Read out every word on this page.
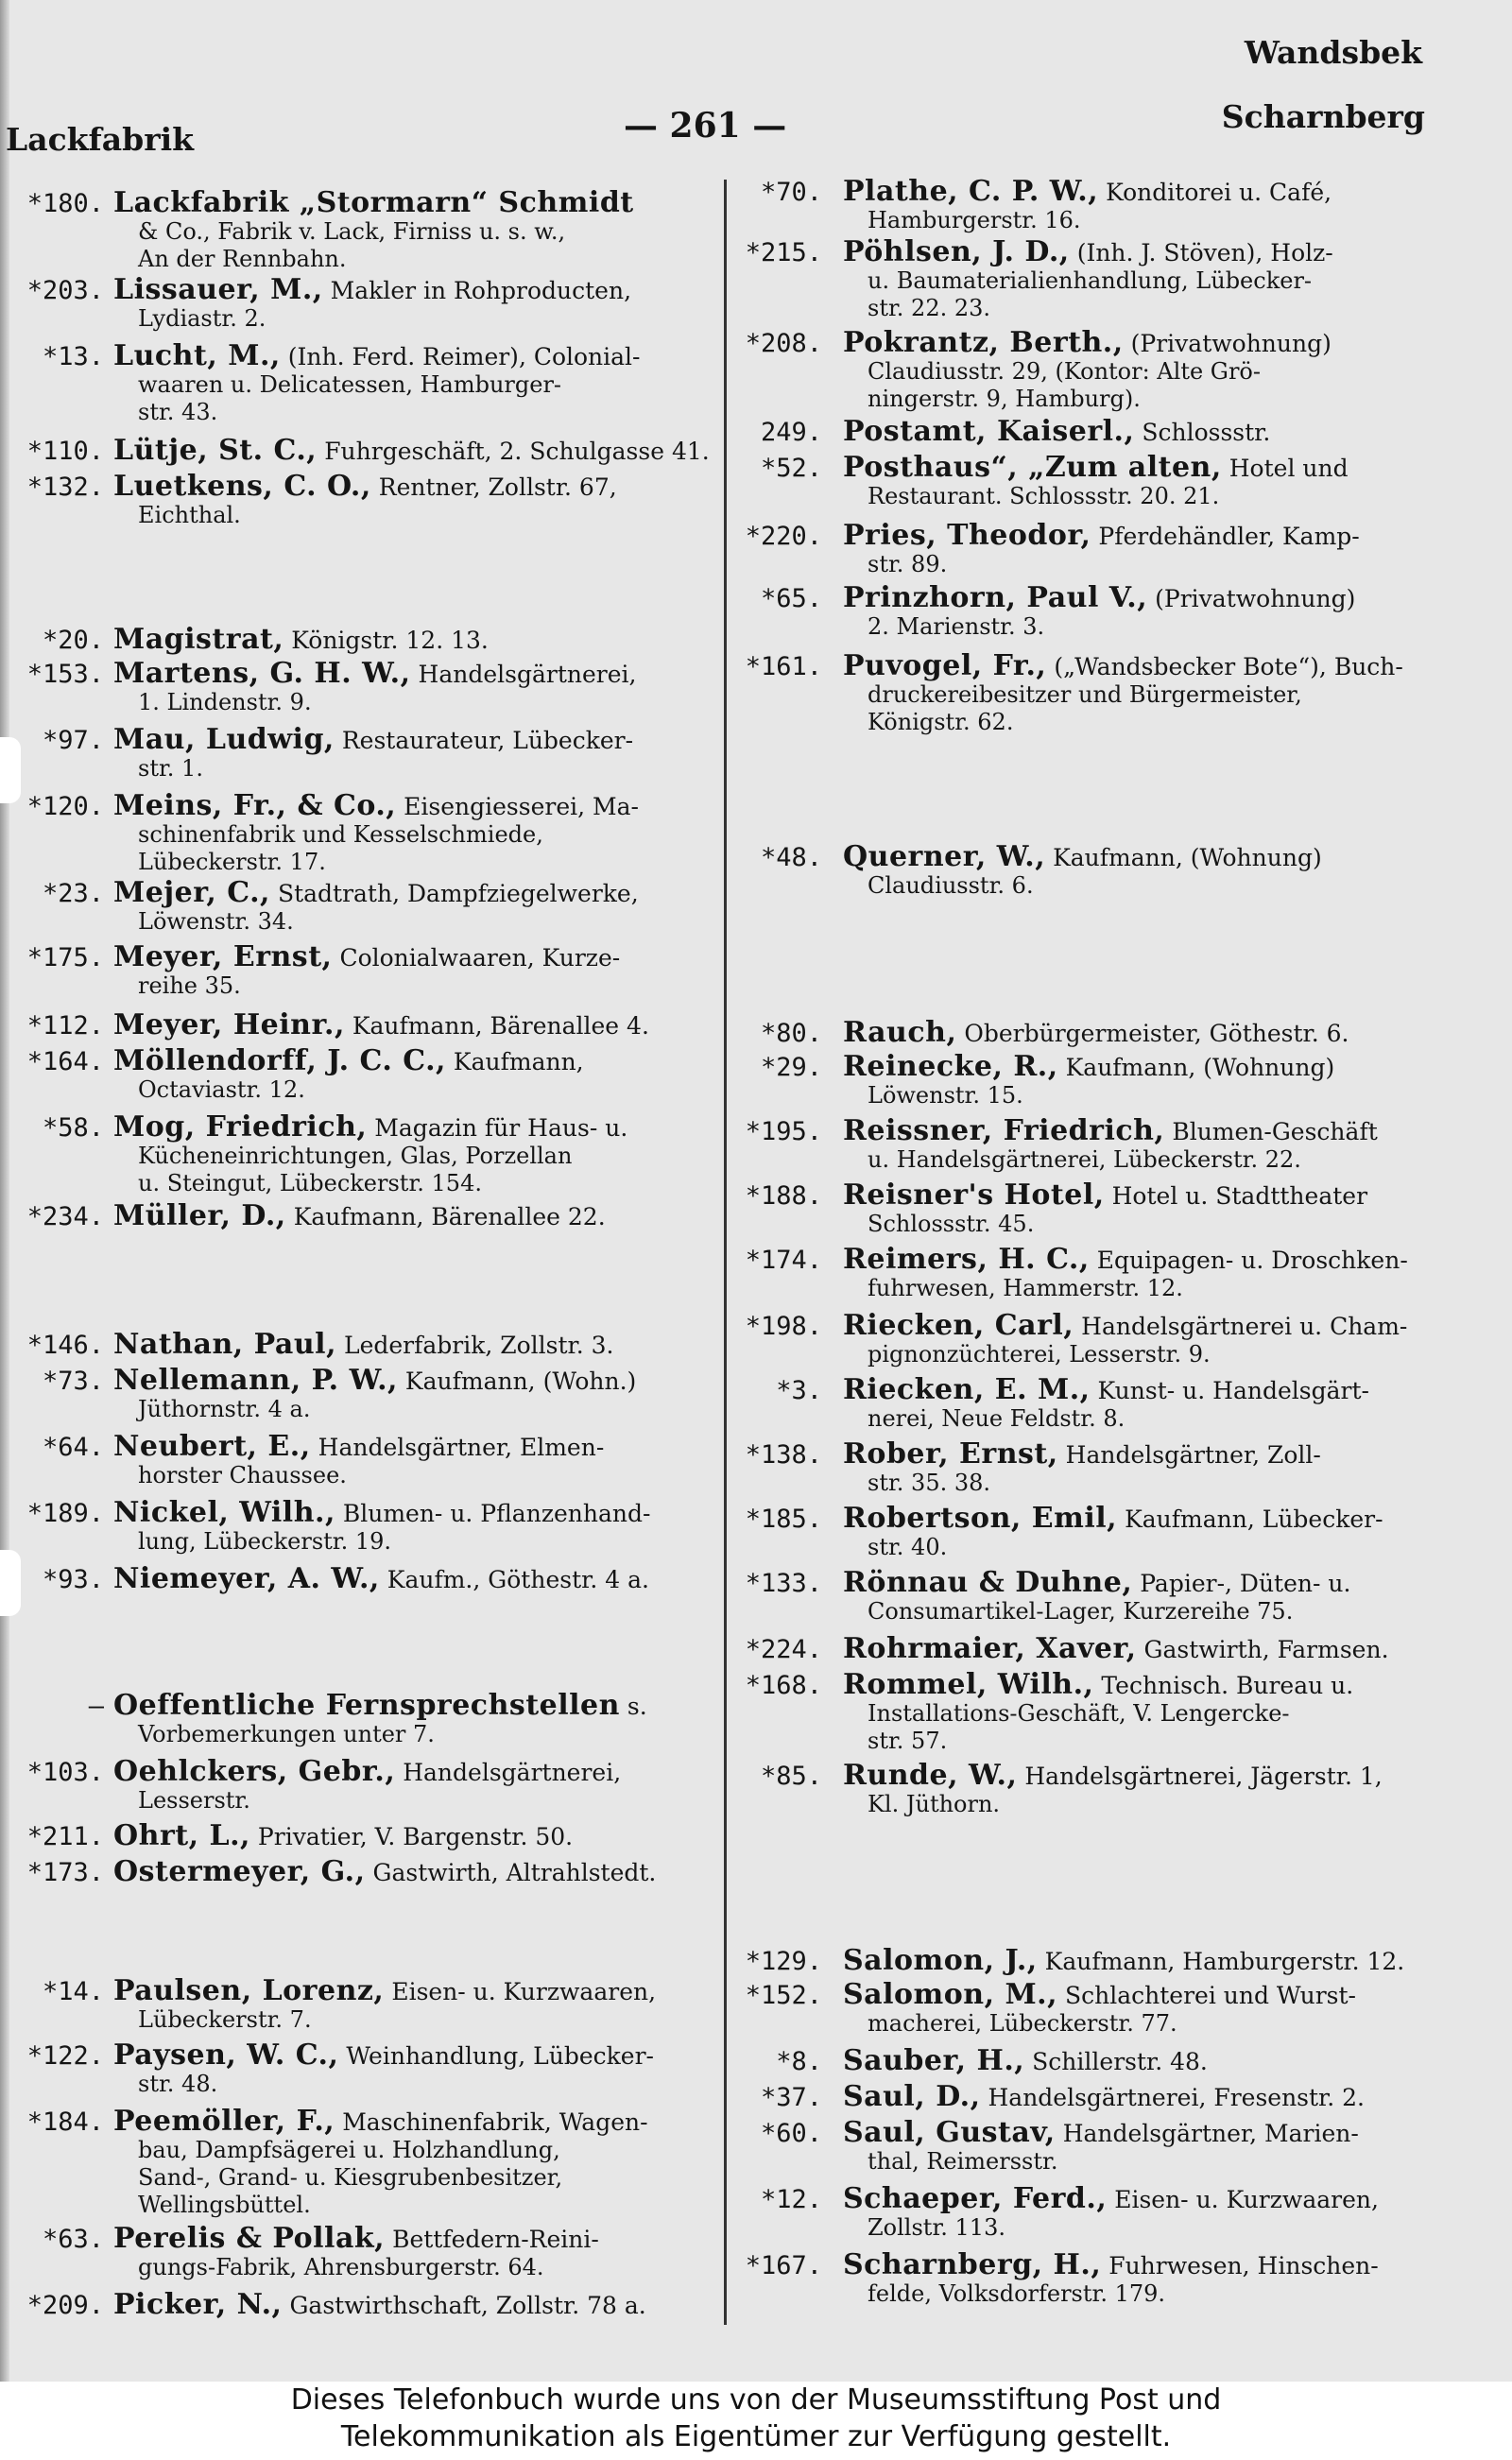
Lackfabrik	— 261 —
Wandsbek
Scharnberg
*180. Lackfabrik „Stormarn“ Schmidt
& Co., Fabrik v. Lack, Firniss u. s. w.,
An der Rennbahn.
*203. Lissauer, M., Makler in Rohproducten,
Lydiastr. 2.
*13. Lucht, M., (Inh. Ferd. Reimer), Colonial-
waaren u. Delicatessen, Hamburger-
str. 43.
*110. Lütje, St. C., Fuhrgeschäft, 2. Schulgasse 41.
*132. Luetkens, C. O., Rentner, Zollstr. 67,
Eichthal.
*20. Magistrat, Königstr. 12. 13.
*153. Martens, G. H. W., Handelsgärtnerei,
1. Lindenstr. 9.
*97. Mau, Ludwig, Restaurateur, Lübecker-
str. 1.
*120. Meins, Fr., & Co., Eisengiesserei, Ma-
schinenfabrik und Kesselschmiede,
Lübeckerstr. 17.
*23. Mejer, C., Stadtrath, Dampfziegelwerke,
Löwenstr. 34.
*175. Meyer, Ernst, Colonialwaaren, Kurze-
reihe 35.
*112. Meyer, Heinr., Kaufmann, Bärenallee 4.
*164. Möllendorff, J. C. C., Kaufmann,
Octaviastr. 12.
*58. Mog, Friedrich, Magazin für Haus- u.
Kücheneinrichtungen, Glas, Porzellan
u. Steingut, Lübeckerstr. 154.
*234. Müller, D., Kaufmann, Bärenallee 22.
*146. Nathan, Paul, Lederfabrik, Zollstr. 3.
*73. Nellemann, P. W., Kaufmann, (Wohn.)
Jüthornstr. 4 a.
*64. Neubert, E., Handelsgärtner, Elmen-
horster Chaussee.
*189. Nickel, Wilh., Blumen- u. Pflanzenhand-
lung, Lübeckerstr. 19.
*93. Niemeyer, A. W., Kaufm., Göthestr. 4 a.
— Oeffentliche Fernsprechstellen s.
Vorbemerkungen unter 7.
*103. Oehlckers, Gebr., Handelsgärtnerei,
Lesserstr.
*211. Ohrt, L., Privatier, V. Bargenstr. 50.
*173. Ostermeyer, G., Gastwirth, Altrahlstedt.
*14. Paulsen, Lorenz, Eisen- u. Kurzwaaren,
Lübeckerstr. 7.
*122. Paysen, W. C., Weinhandlung, Lübecker-
str. 48.
*184. Peemöller, F., Maschinenfabrik, Wagen-
bau, Dampfsägerei u. Holzhandlung,
Sand-, Grand- u. Kiesgrubenbesitzer,
Wellingsbüttel.
*63. Perelis & Pollak, Bettfedern-Reini-
gungs-Fabrik, Ahrensburgerstr. 64.
*209. Picker, N., Gastwirthschaft, Zollstr. 78 a.
*70. Plathe, C. P. W., Konditorei u. Café,
Hamburgerstr. 16.
*215. Pöhlsen, J. D., (Inh. J. Stöven), Holz-
u. Baumaterialienhandlung, Lübecker-
str. 22. 23.
*208. Pokrantz, Berth., (Privatwohnung)
Claudiusstr. 29, (Kontor: Alte Grö-
ningerstr. 9, Hamburg).
249. Postamt, Kaiserl., Schlossstr.
*52. Posthaus“, „Zum alten, Hotel und
Restaurant. Schlossstr. 20. 21.
*220. Pries, Theodor, Pferdehändler, Kamp-
str. 89.
*65. Prinzhorn, Paul V., (Privatwohnung)
2. Marienstr. 3.
*161. Puvogel, Fr., („Wandsbecker Bote“), Buch-
druckereibesitzer und Bürgermeister,
Königstr. 62.
*48. Querner, W., Kaufmann, (Wohnung)
Claudiusstr. 6.
*80. Rauch, Oberbürgermeister, Göthestr. 6.
*29. Reinecke, R., Kaufmann, (Wohnung)
Löwenstr. 15.
*195. Reissner, Friedrich, Blumen-Geschäft
u. Handelsgärtnerei, Lübeckerstr. 22.
*188. Reisner's Hotel, Hotel u. Stadttheater
Schlossstr. 45.
*174. Reimers, H. C., Equipagen- u. Droschken-
fuhrwesen, Hammerstr. 12.
*198. Riecken, Carl, Handelsgärtnerei u. Cham-
pignonzüchterei, Lesserstr. 9.
*3. Riecken, E. M., Kunst- u. Handelsgärt-
nerei, Neue Feldstr. 8.
*138. Rober, Ernst, Handelsgärtner, Zoll-
str. 35. 38.
*185. Robertson, Emil, Kaufmann, Lübecker-
str. 40.
*133. Rönnau & Duhne, Papier-, Düten- u.
Consumartikel-Lager, Kurzereihe 75.
*224. Rohrmaier, Xaver, Gastwirth, Farmsen.
*168. Rommel, Wilh., Technisch. Bureau u.
Installations-Geschäft, V. Lengercke-
str. 57.
*85. Runde, W., Handelsgärtnerei, Jägerstr. 1,
Kl. Jüthorn.
*129. Salomon, J., Kaufmann, Hamburgerstr. 12.
*152. Salomon, M., Schlachterei und Wurst-
macherei, Lübeckerstr. 77.
*8. Sauber, H., Schillerstr. 48.
*37. Saul, D., Handelsgärtnerei, Fresenstr. 2.
*60. Saul, Gustav, Handelsgärtner, Marien-
thal, Reimersstr.
*12. Schaeper, Ferd., Eisen- u. Kurzwaaren,
Zollstr. 113.
*167. Scharnberg, H., Fuhrwesen, Hinschen-
felde, Volksdorferstr. 179.
Dieses Telefonbuch wurde uns von der Museumsstiftung Post und
Telekommunikation als Eigentümer zur Verfügung gestellt.
